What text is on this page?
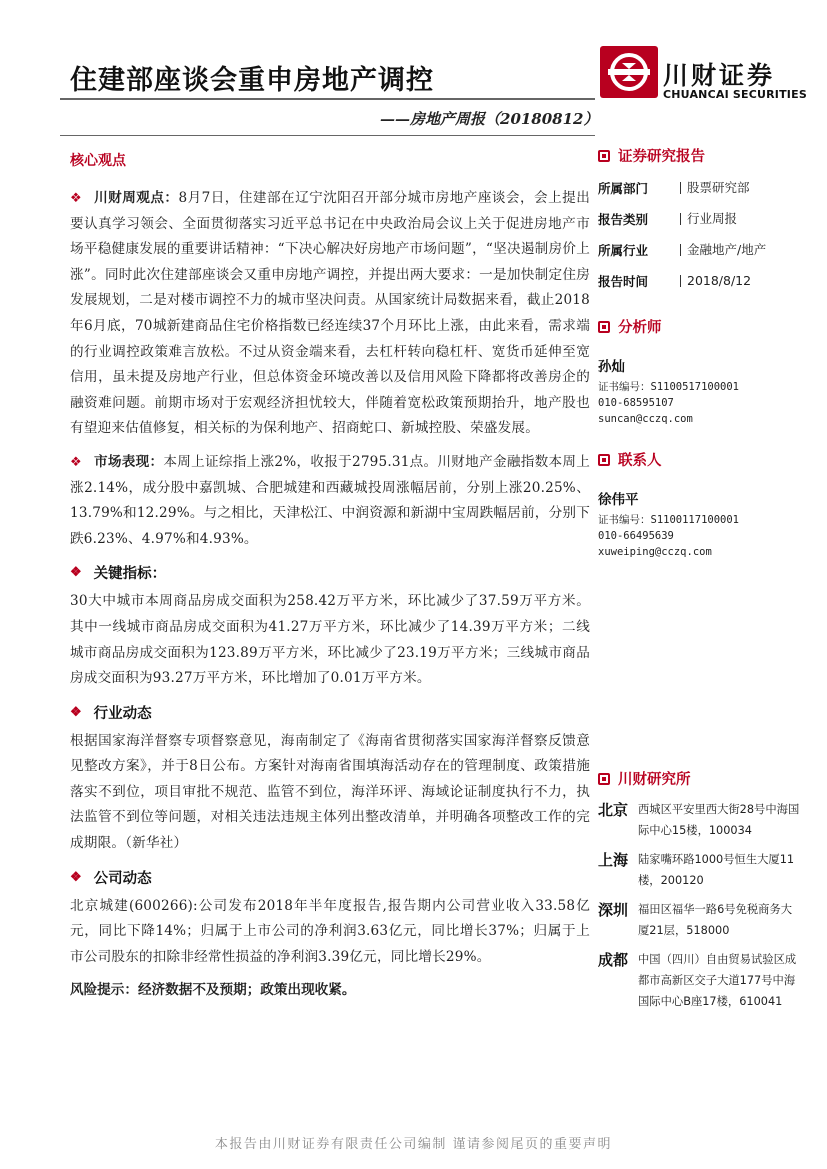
住建部座谈会重申房地产调控
——房地产周报（20180812）
川财证券
CHUANCAI SECURITIES
核心观点

❖ 川财周观点：8月7日，住建部在辽宁沈阳召开部分城市房地产座谈会，会上提出要认真学习领会、全面贯彻落实习近平总书记在中央政治局会议上关于促进房地产市场平稳健康发展的重要讲话精神：“下决心解决好房地产市场问题”，“坚决遏制房价上涨”。同时此次住建部座谈会又重申房地产调控，并提出两大要求：一是加快制定住房发展规划，二是对楼市调控不力的城市坚决问责。从国家统计局数据来看，截止2018年6月底，70城新建商品住宅价格指数已经连续37个月环比上涨，由此来看，需求端的行业调控政策难言放松。不过从资金端来看，去杠杆转向稳杠杆、宽货币延伸至宽信用，虽未提及房地产行业，但总体资金环境改善以及信用风险下降都将改善房企的融资难问题。前期市场对于宏观经济担忧较大，伴随着宽松政策预期抬升，地产股也有望迎来估值修复，相关标的为保利地产、招商蛇口、新城控股、荣盛发展。

❖ 市场表现：本周上证综指上涨2%，收报于2795.31点。川财地产金融指数本周上涨2.14%，成分股中嘉凯城、合肥城建和西藏城投周涨幅居前，分别上涨20.25%、13.79%和12.29%。与之相比，天津松江、中润资源和新湖中宝周跌幅居前，分别下跌6.23%、4.97%和4.93%。

❖ 关键指标：

30大中城市本周商品房成交面积为258.42万平方米，环比减少了37.59万平方米。其中一线城市商品房成交面积为41.27万平方米，环比减少了14.39万平方米；二线城市商品房成交面积为123.89万平方米，环比减少了23.19万平方米；三线城市商品房成交面积为93.27万平方米，环比增加了0.01万平方米。

❖ 行业动态

根据国家海洋督察专项督察意见，海南制定了《海南省贯彻落实国家海洋督察反馈意见整改方案》，并于8日公布。方案针对海南省围填海活动存在的管理制度、政策措施落实不到位，项目审批不规范、监管不到位，海洋环评、海域论证制度执行不力，执法监管不到位等问题，对相关违法违规主体列出整改清单，并明确各项整改工作的完成期限。（新华社）

❖ 公司动态

北京城建(600266):公司发布2018年半年度报告,报告期内公司营业收入33.58亿元，同比下降14%；归属于上市公司的净利润3.63亿元，同比增长37%；归属于上市公司股东的扣除非经常性损益的净利润3.39亿元，同比增长29%。

风险提示：经济数据不及预期；政策出现收紧。
证券研究报告
所属部门	股票研究部
报告类别	行业周报
所属行业	金融地产/地产
报告时间	2018/8/12
分析师
孙灿
证书编号：S1100517100001
010-68595107
suncan@cczq.com
联系人
徐伟平
证书编号：S1100117100001
010-66495639
xuweiping@cczq.com
川财研究所
北京 西城区平安里西大街28号中海国际中心15楼，100034
上海 陆家嘴环路1000号恒生大厦11楼，200120
深圳 福田区福华一路6号免税商务大厦21层，518000
成都 中国（四川）自由贸易试验区成都市高新区交子大道177号中海国际中心B座17楼，610041
本报告由川财证券有限责任公司编制 谨请参阅尾页的重要声明
